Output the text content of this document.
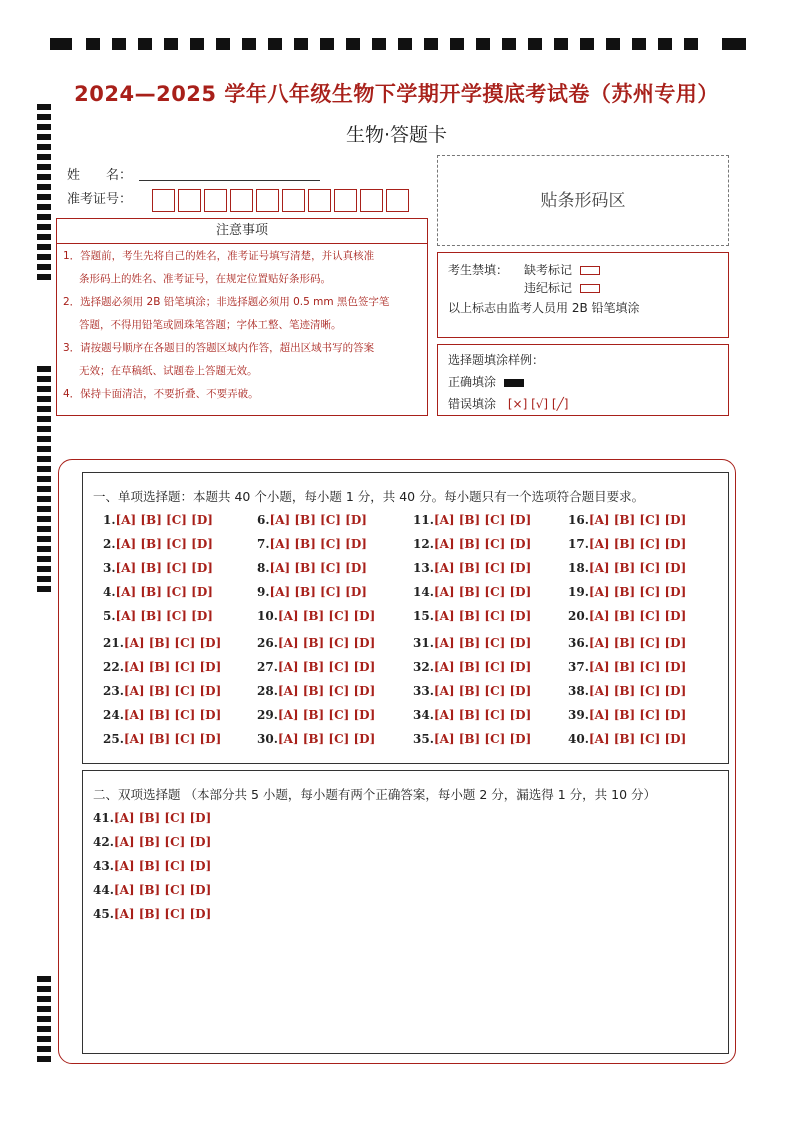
2024—2025 学年八年级生物下学期开学摸底考试卷（苏州专用）
生物·答题卡
姓　　名：
准考证号：	贴条形码区
注意事项
1．答题前，考生先将自己的姓名，准考证号填写清楚，并认真核准
条形码上的姓名、准考证号，在规定位置贴好条形码。
2．选择题必须用 2B 铅笔填涂；非选择题必须用 0.5 mm 黑色签字笔
答题，不得用铅笔或圆珠笔答题；字体工整、笔迹清晰。
3．请按题号顺序在各题目的答题区域内作答，超出区域书写的答案
无效；在草稿纸、试题卷上答题无效。
4．保持卡面清洁，不要折叠、不要弄破。
考生禁填： 缺考标记
违纪标记
以上标志由监考人员用 2B 铅笔填涂
选择题填涂样例：
正确填涂
错误填涂 [×] [√] [╱]
一、单项选择题：本题共 40 个小题，每小题 1 分，共 40 分。每小题只有一个选项符合题目要求。
1.[A] [B] [C] [D]
2.[A] [B] [C] [D]
3.[A] [B] [C] [D]
4.[A] [B] [C] [D]
5.[A] [B] [C] [D]
6.[A] [B] [C] [D]
7.[A] [B] [C] [D]
8.[A] [B] [C] [D]
9.[A] [B] [C] [D]
10.[A] [B] [C] [D]
11.[A] [B] [C] [D]
12.[A] [B] [C] [D]
13.[A] [B] [C] [D]
14.[A] [B] [C] [D]
15.[A] [B] [C] [D]
16.[A] [B] [C] [D]
17.[A] [B] [C] [D]
18.[A] [B] [C] [D]
19.[A] [B] [C] [D]
20.[A] [B] [C] [D]
21.[A] [B] [C] [D]
22.[A] [B] [C] [D]
23.[A] [B] [C] [D]
24.[A] [B] [C] [D]
25.[A] [B] [C] [D]
26.[A] [B] [C] [D]
27.[A] [B] [C] [D]
28.[A] [B] [C] [D]
29.[A] [B] [C] [D]
30.[A] [B] [C] [D]
31.[A] [B] [C] [D]
32.[A] [B] [C] [D]
33.[A] [B] [C] [D]
34.[A] [B] [C] [D]
35.[A] [B] [C] [D]
36.[A] [B] [C] [D]
37.[A] [B] [C] [D]
38.[A] [B] [C] [D]
39.[A] [B] [C] [D]
40.[A] [B] [C] [D]
二、双项选择题 （本部分共 5 小题，每小题有两个正确答案，每小题 2 分，漏选得 1 分，共 10 分）
41.[A] [B] [C] [D]
42.[A] [B] [C] [D]
43.[A] [B] [C] [D]
44.[A] [B] [C] [D]
45.[A] [B] [C] [D]
